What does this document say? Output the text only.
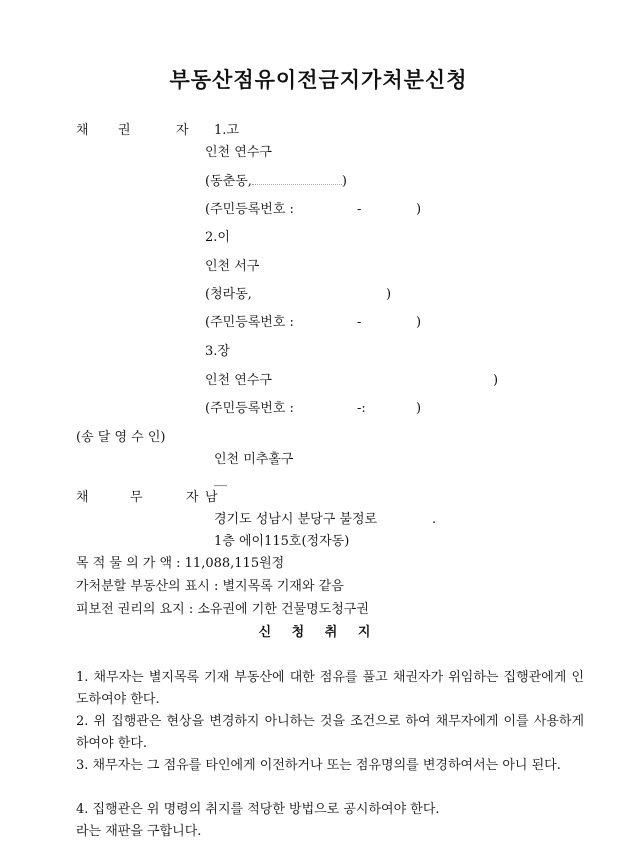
부동산점유이전금지가처분신청
채 권	자 1.고
인천 연수구
(동춘동,	)
(주민등록번호 :	-	)
2.이
인천 서구
(청라동,	)
(주민등록번호 :	-	)
3.장
인천 연수구	)
(주민등록번호 :	-:	)
(송 달 영 수 인)
인천 미추홀구
__
채	무	자 남
경기도 성남시 분당구 불정로	.
1층 에이115호(정자동)
목 적 물 의 가 액 : 11,088,115원정
가처분할 부동산의 표시 : 별지목록 기재와 같음
피보전 권리의 요지 : 소유권에 기한 건물명도청구권
신 청 취 지
1. 채무자는 별지목록 기재 부동산에 대한 점유를 풀고 채권자가 위임하는 집행관에게 인도하여야 한다.
2. 위 집행관은 현상을 변경하지 아니하는 것을 조건으로 하여 채무자에게 이를 사용하게 하여야 한다.
3. 채무자는 그 점유를 타인에게 이전하거나 또는 점유명의를 변경하여서는 아니 된다.
4. 집행관은 위 명령의 취지를 적당한 방법으로 공시하여야 한다.
라는 재판을 구합니다.
